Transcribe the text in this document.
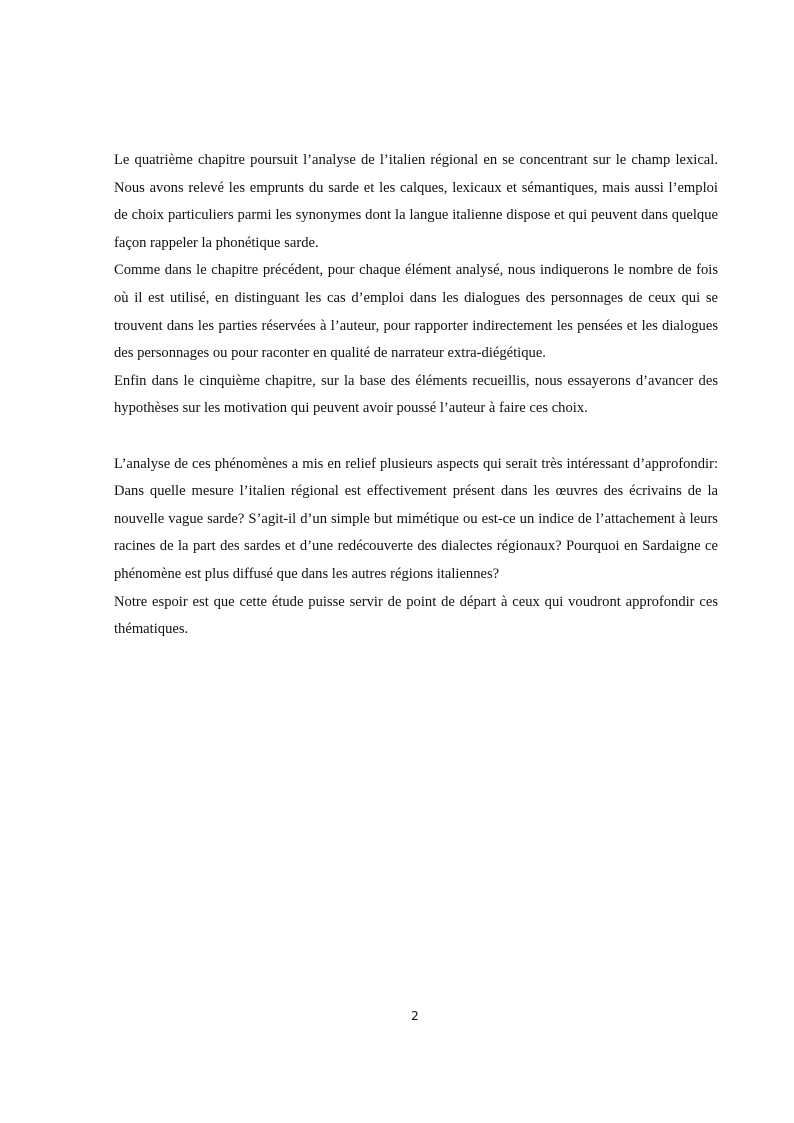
Le quatrième chapitre poursuit l’analyse de l’italien régional en se concentrant sur le champ lexical. Nous avons relevé les emprunts du sarde et les calques, lexicaux et sémantiques, mais aussi l’emploi de choix particuliers parmi les synonymes dont la langue italienne dispose et qui peuvent dans quelque façon rappeler la phonétique sarde.

Comme dans le chapitre précédent, pour chaque élément analysé, nous indiquerons le nombre de fois où il est utilisé, en distinguant les cas d’emploi dans les dialogues des personnages de ceux qui se trouvent dans les parties réservées à l’auteur, pour rapporter indirectement les pensées et les dialogues des personnages ou pour raconter en qualité de narrateur extra-diégétique.

Enfin dans le cinquième chapitre, sur la base des éléments recueillis, nous essayerons d’avancer des hypothèses sur les motivation qui peuvent avoir poussé l’auteur à faire ces choix.

L’analyse de ces phénomènes a mis en relief plusieurs aspects qui serait très intéressant d’approfondir: Dans quelle mesure l’italien régional est effectivement présent dans les œuvres des écrivains de la nouvelle vague sarde? S’agit-il d’un simple but mimétique ou est-ce un indice de l’attachement à leurs racines de la part des sardes et d’une redécouverte des dialectes régionaux? Pourquoi en Sardaigne ce phénomène est plus diffusé que dans les autres régions italiennes?

Notre espoir est que cette étude puisse servir de point de départ à ceux qui voudront approfondir ces thématiques.

2
